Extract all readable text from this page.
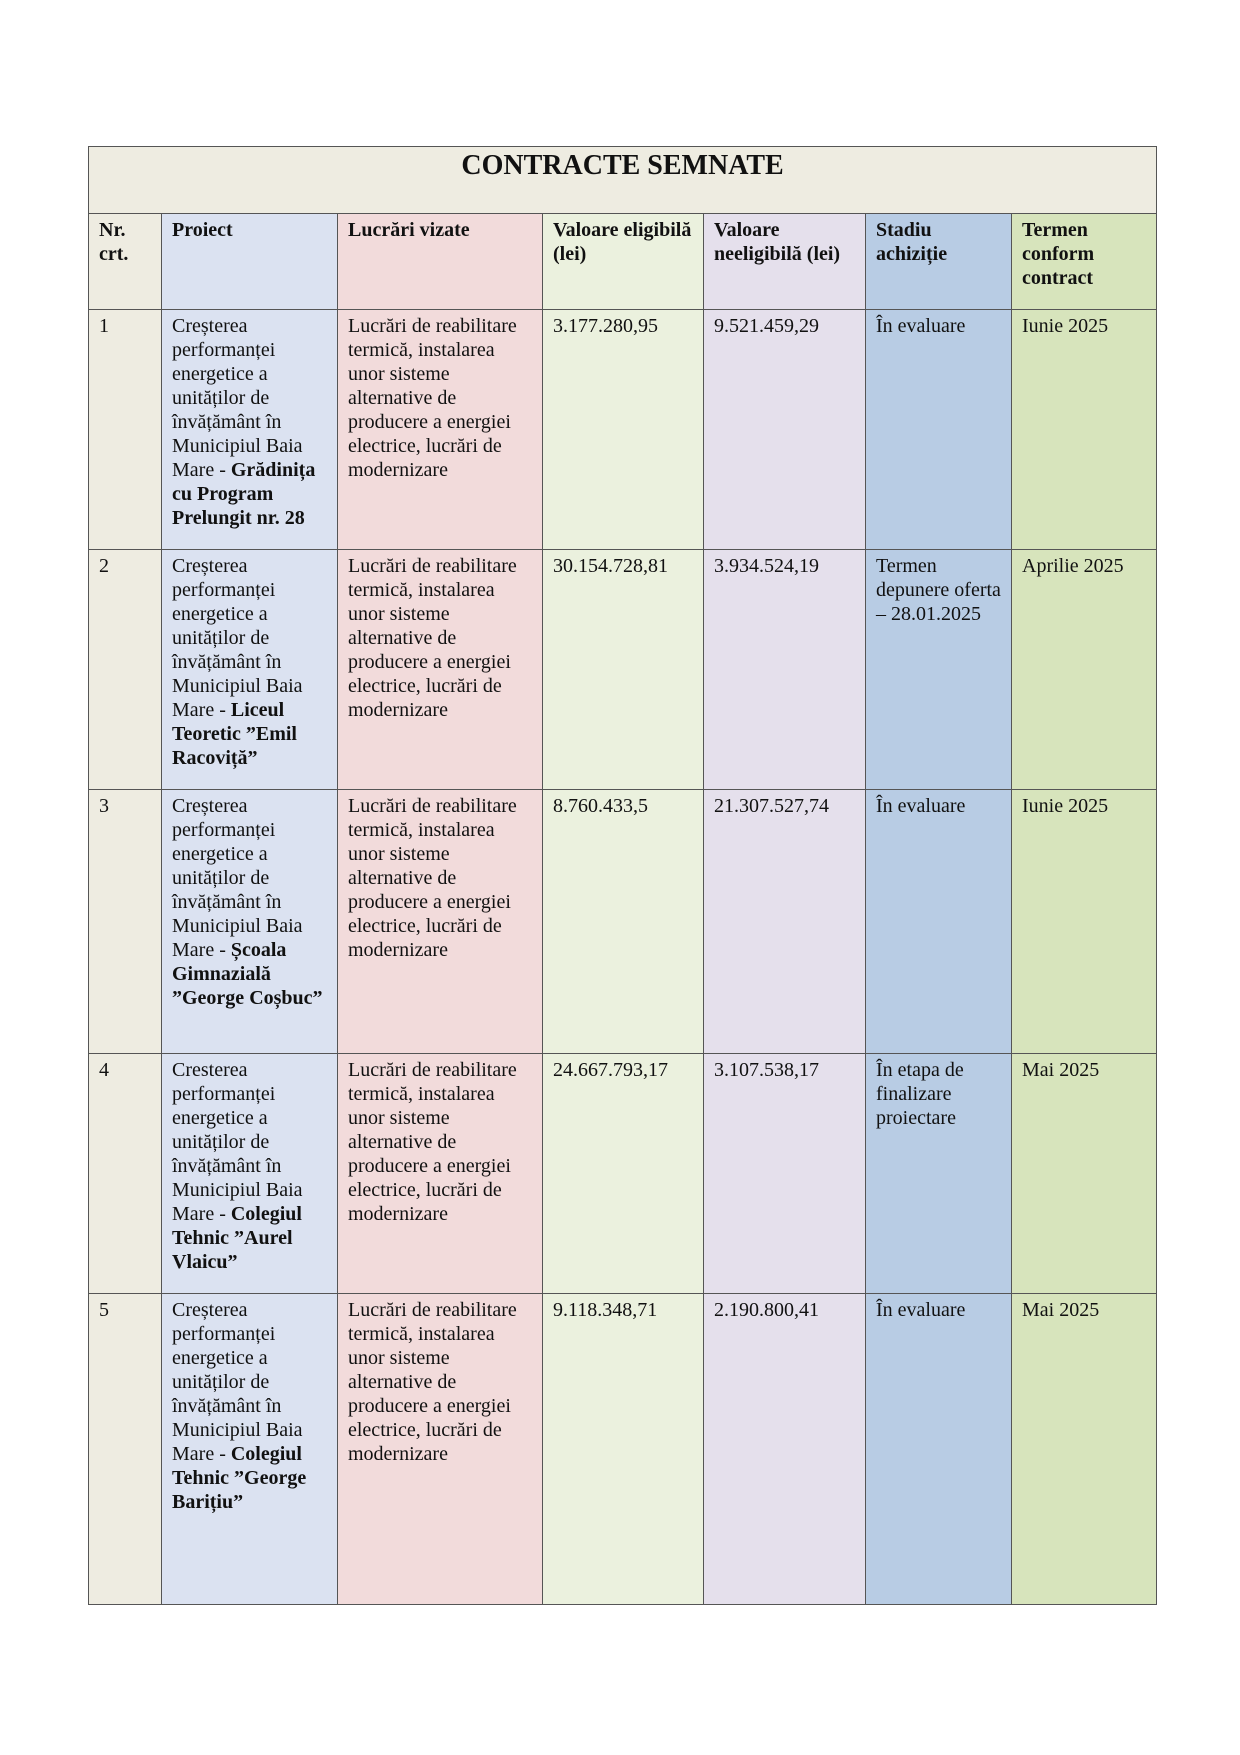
CONTRACTE SEMNATE						
Nr. crt.	Proiect	Lucrări vizate	Valoare eligibilă (lei)	Valoare neeligibilă (lei)	Stadiu achiziție	Termen conform contract
1	Creșterea performanței energetice a unităților de învățământ în Municipiul Baia Mare - Grădinița cu Program Prelungit nr. 28	Lucrări de reabilitare termică, instalarea unor sisteme alternative de producere a energiei electrice, lucrări de modernizare	3.177.280,95	9.521.459,29	În evaluare	Iunie 2025
2	Creșterea performanței energetice a unităților de învățământ în Municipiul Baia Mare - Liceul Teoretic ”Emil Racoviță”	Lucrări de reabilitare termică, instalarea unor sisteme alternative de producere a energiei electrice, lucrări de modernizare	30.154.728,81	3.934.524,19	Termen depunere oferta – 28.01.2025	Aprilie 2025
3	Creșterea performanței energetice a unităților de învățământ în Municipiul Baia Mare - Școala Gimnazială ”George Coșbuc”	Lucrări de reabilitare termică, instalarea unor sisteme alternative de producere a energiei electrice, lucrări de modernizare	8.760.433,5	21.307.527,74	În evaluare	Iunie 2025
4	Cresterea performanței energetice a unităților de învățământ în Municipiul Baia Mare - Colegiul Tehnic ”Aurel Vlaicu”	Lucrări de reabilitare termică, instalarea unor sisteme alternative de producere a energiei electrice, lucrări de modernizare	24.667.793,17	3.107.538,17	În etapa de finalizare proiectare	Mai 2025
5	Creșterea performanței energetice a unităților de învățământ în Municipiul Baia Mare - Colegiul Tehnic ”George Barițiu”	Lucrări de reabilitare termică, instalarea unor sisteme alternative de producere a energiei electrice, lucrări de modernizare	9.118.348,71	2.190.800,41	În evaluare	Mai 2025
